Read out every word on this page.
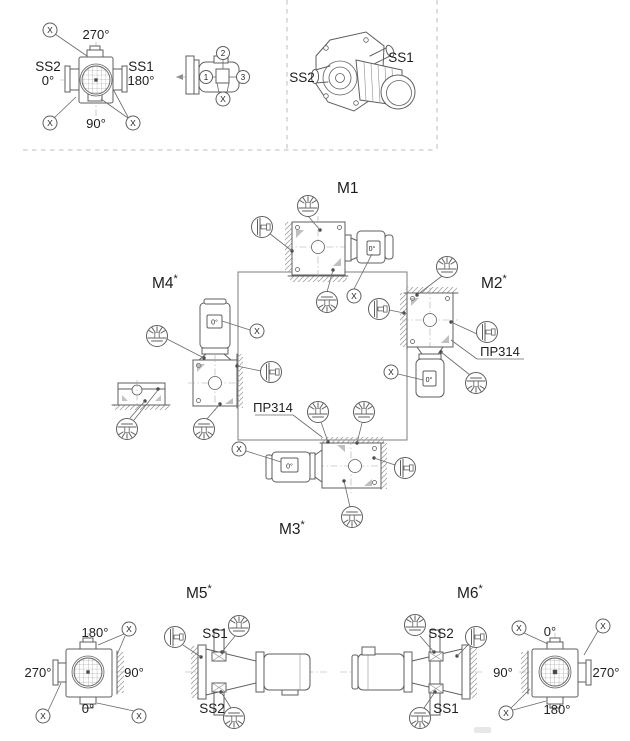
X
X	X
270°
90°
SS2
0°
SS1
180°	1
2
3
X
SS1
SS2
0°
X
M1
0°
X
ПР314
M2*
0°
X
M4*
0°
X
ПР314
M3*
X
X	X
180°
270°	90°
0°
SS1
SS2
M5*
SS2
SS1
M6*
X	X
X
0°
90°	270°
180°
